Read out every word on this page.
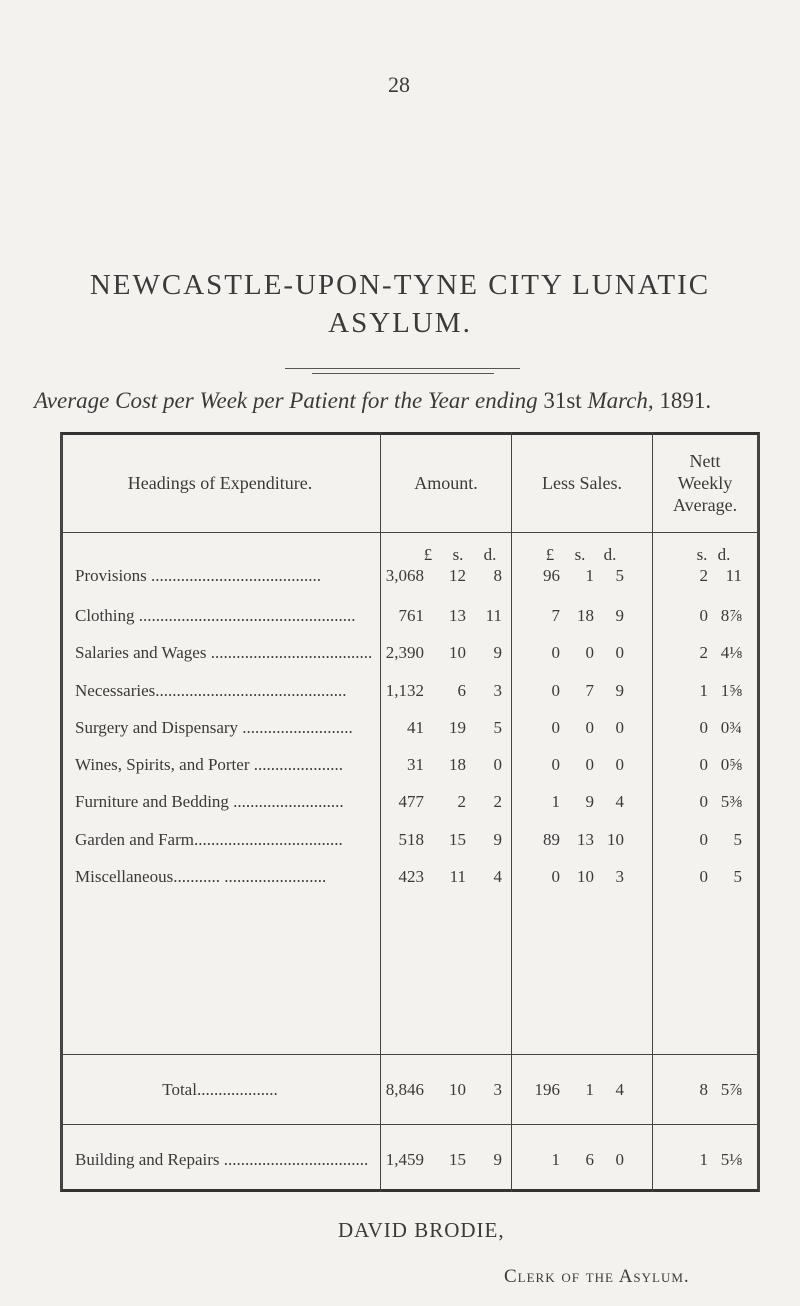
28
NEWCASTLE-UPON-TYNE CITY LUNATIC
ASYLUM.
Average Cost per Week per Patient for the Year ending 31st March, 1891.
Headings of Expenditure.	Amount.	Less Sales.
Nett
Weekly
Average.
£	s.	d.	£	s.	d.	s. d.
Provisions ........................................	3,068	12	8	96	1	5	2	11
Clothing ...................................................	761	13	11	7	18	9	0 8⅞
Salaries and Wages ...................................... 2,390	10	9	0	0	0	2 4⅛
Necessaries.............................................	1,132	6	3	0	7	9	1 1⅝
Surgery and Dispensary ..........................	41	19	5	0	0	0	0 0¾
Wines, Spirits, and Porter .....................	31	18	0	0	0	0	0 0⅝
Furniture and Bedding ..........................	477	2	2	1	9	4	0 5⅜
Garden and Farm...................................	518	15	9	89	13 10	0	5
Miscellaneous........... ........................	423	11	4	0	10	3	0	5
Total...................	8,846	10	3	196	1	4	8 5⅞
Building and Repairs ..................................	1,459	15	9	1	6	0	1 5⅛
DAVID BRODIE,
Clerk of the Asylum.
